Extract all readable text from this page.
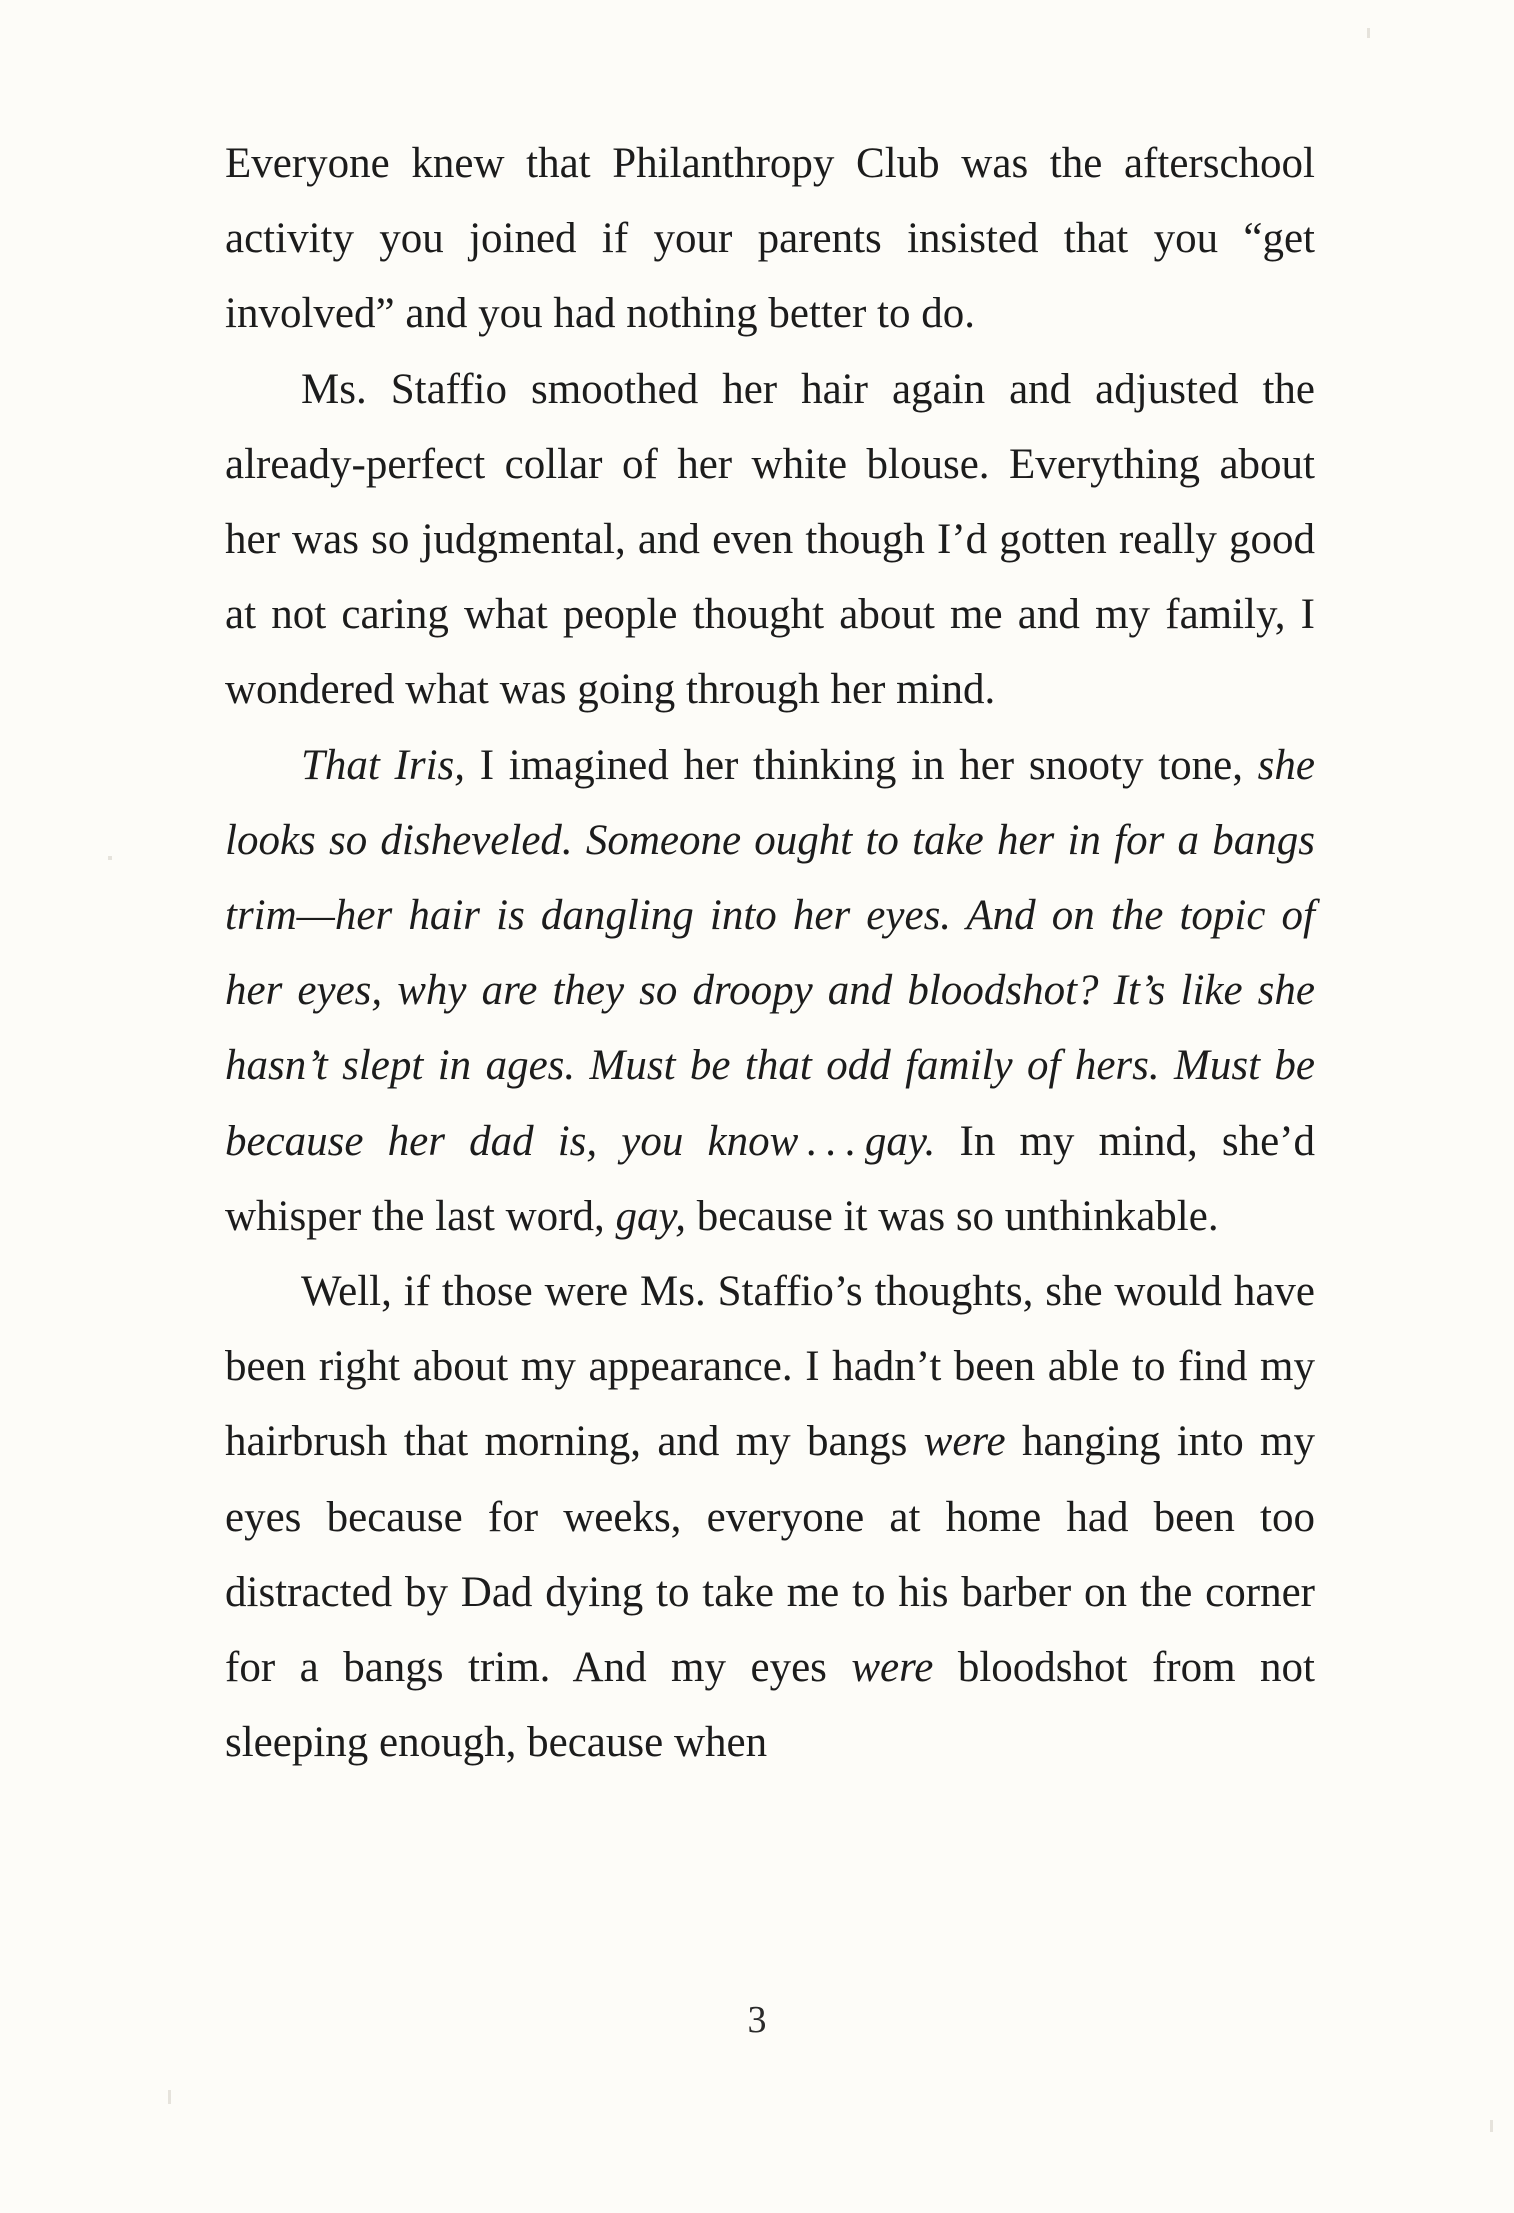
Everyone knew that Philanthropy Club was the afterschool activity you joined if your parents insisted that you “get involved” and you had nothing better to do.

Ms. Staffio smoothed her hair again and adjusted the already-perfect collar of her white blouse. Everything about her was so judgmental, and even though I’d gotten really good at not caring what people thought about me and my family, I wondered what was going through her mind.

That Iris, I imagined her thinking in her snooty tone, she looks so disheveled. Someone ought to take her in for a bangs trim—her hair is dangling into her eyes. And on the topic of her eyes, why are they so droopy and bloodshot? It’s like she hasn’t slept in ages. Must be that odd family of hers. Must be because her dad is, you know . . . gay. In my mind, she’d whisper the last word, gay, because it was so unthinkable.

Well, if those were Ms. Staffio’s thoughts, she would have been right about my appearance. I hadn’t been able to find my hairbrush that morning, and my bangs were hanging into my eyes because for weeks, everyone at home had been too distracted by Dad dying to take me to his barber on the corner for a bangs trim. And my eyes were bloodshot from not sleeping enough, because when

3
